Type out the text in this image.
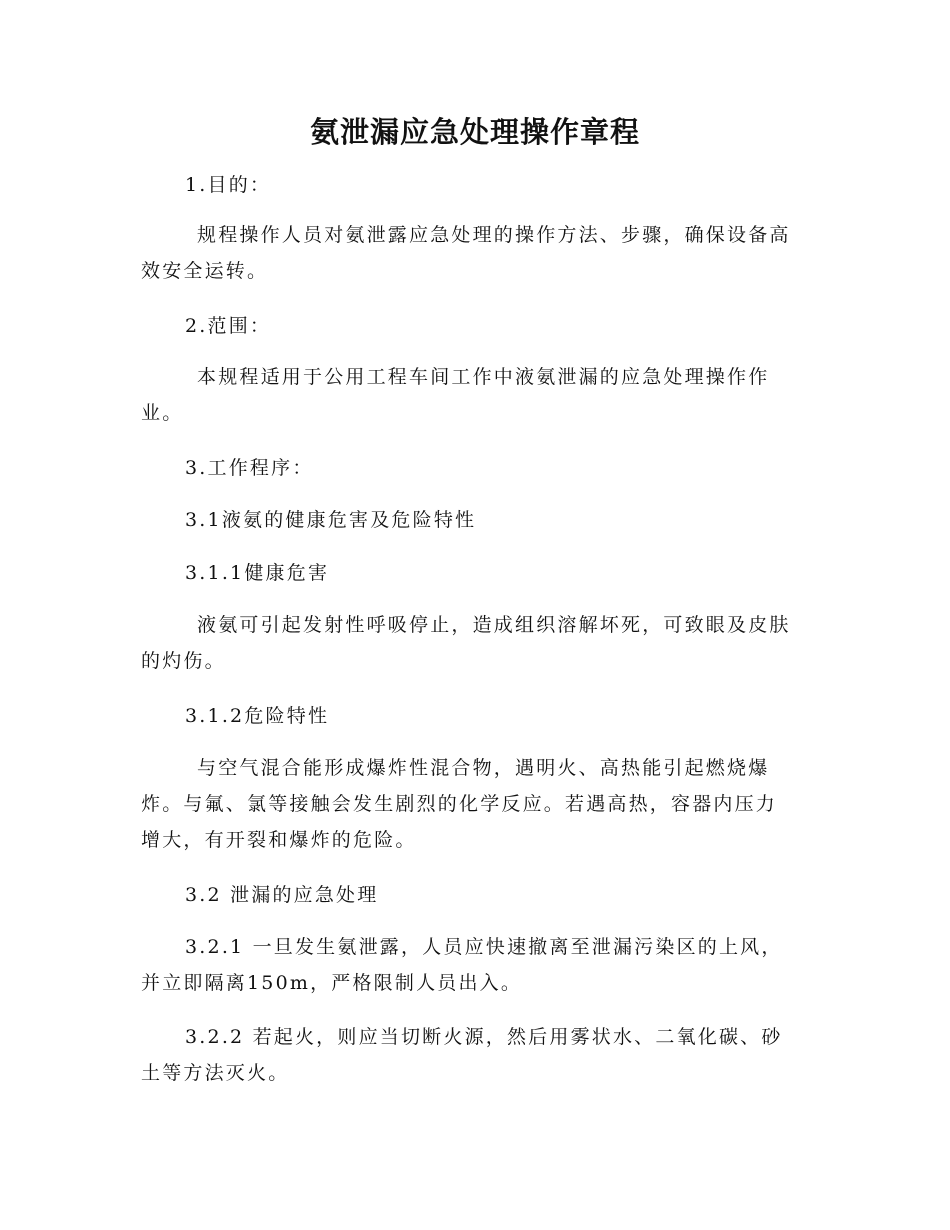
氨泄漏应急处理操作章程

1.目的：

规程操作人员对氨泄露应急处理的操作方法、步骤，确保设备高
效安全运转。

2.范围：

本规程适用于公用工程车间工作中液氨泄漏的应急处理操作作
业。

3.工作程序：

3.1液氨的健康危害及危险特性

3.1.1健康危害

液氨可引起发射性呼吸停止，造成组织溶解坏死，可致眼及皮肤
的灼伤。

3.1.2危险特性

与空气混合能形成爆炸性混合物，遇明火、高热能引起燃烧爆
炸。与氟、氯等接触会发生剧烈的化学反应。若遇高热，容器内压力
增大，有开裂和爆炸的危险。

3.2 泄漏的应急处理

3.2.1 一旦发生氨泄露，人员应快速撤离至泄漏污染区的上风，
并立即隔离150m，严格限制人员出入。

3.2.2 若起火，则应当切断火源，然后用雾状水、二氧化碳、砂
土等方法灭火。
